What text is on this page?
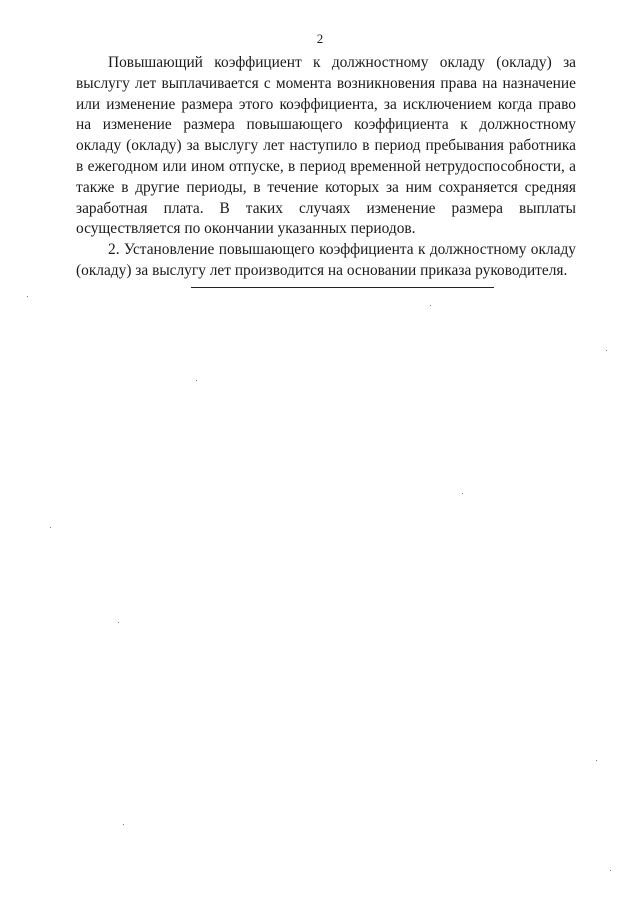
2

Повышающий коэффициент к должностному окладу (окладу) за выслугу лет выплачивается с момента возникновения права на назначение или изменение размера этого коэффициента, за исключением когда право на изменение размера повышающего коэффициента к должностному окладу (окладу) за выслугу лет наступило в период пребывания работника в ежегодном или ином отпуске, в период временной нетрудоспособности, а также в другие периоды, в течение которых за ним сохраняется средняя заработная плата. В таких случаях изменение размера выплаты осуществляется по окончании указанных периодов.

2. Установление повышающего коэффициента к должностному окладу (окладу) за выслугу лет производится на основании приказа руководителя.
